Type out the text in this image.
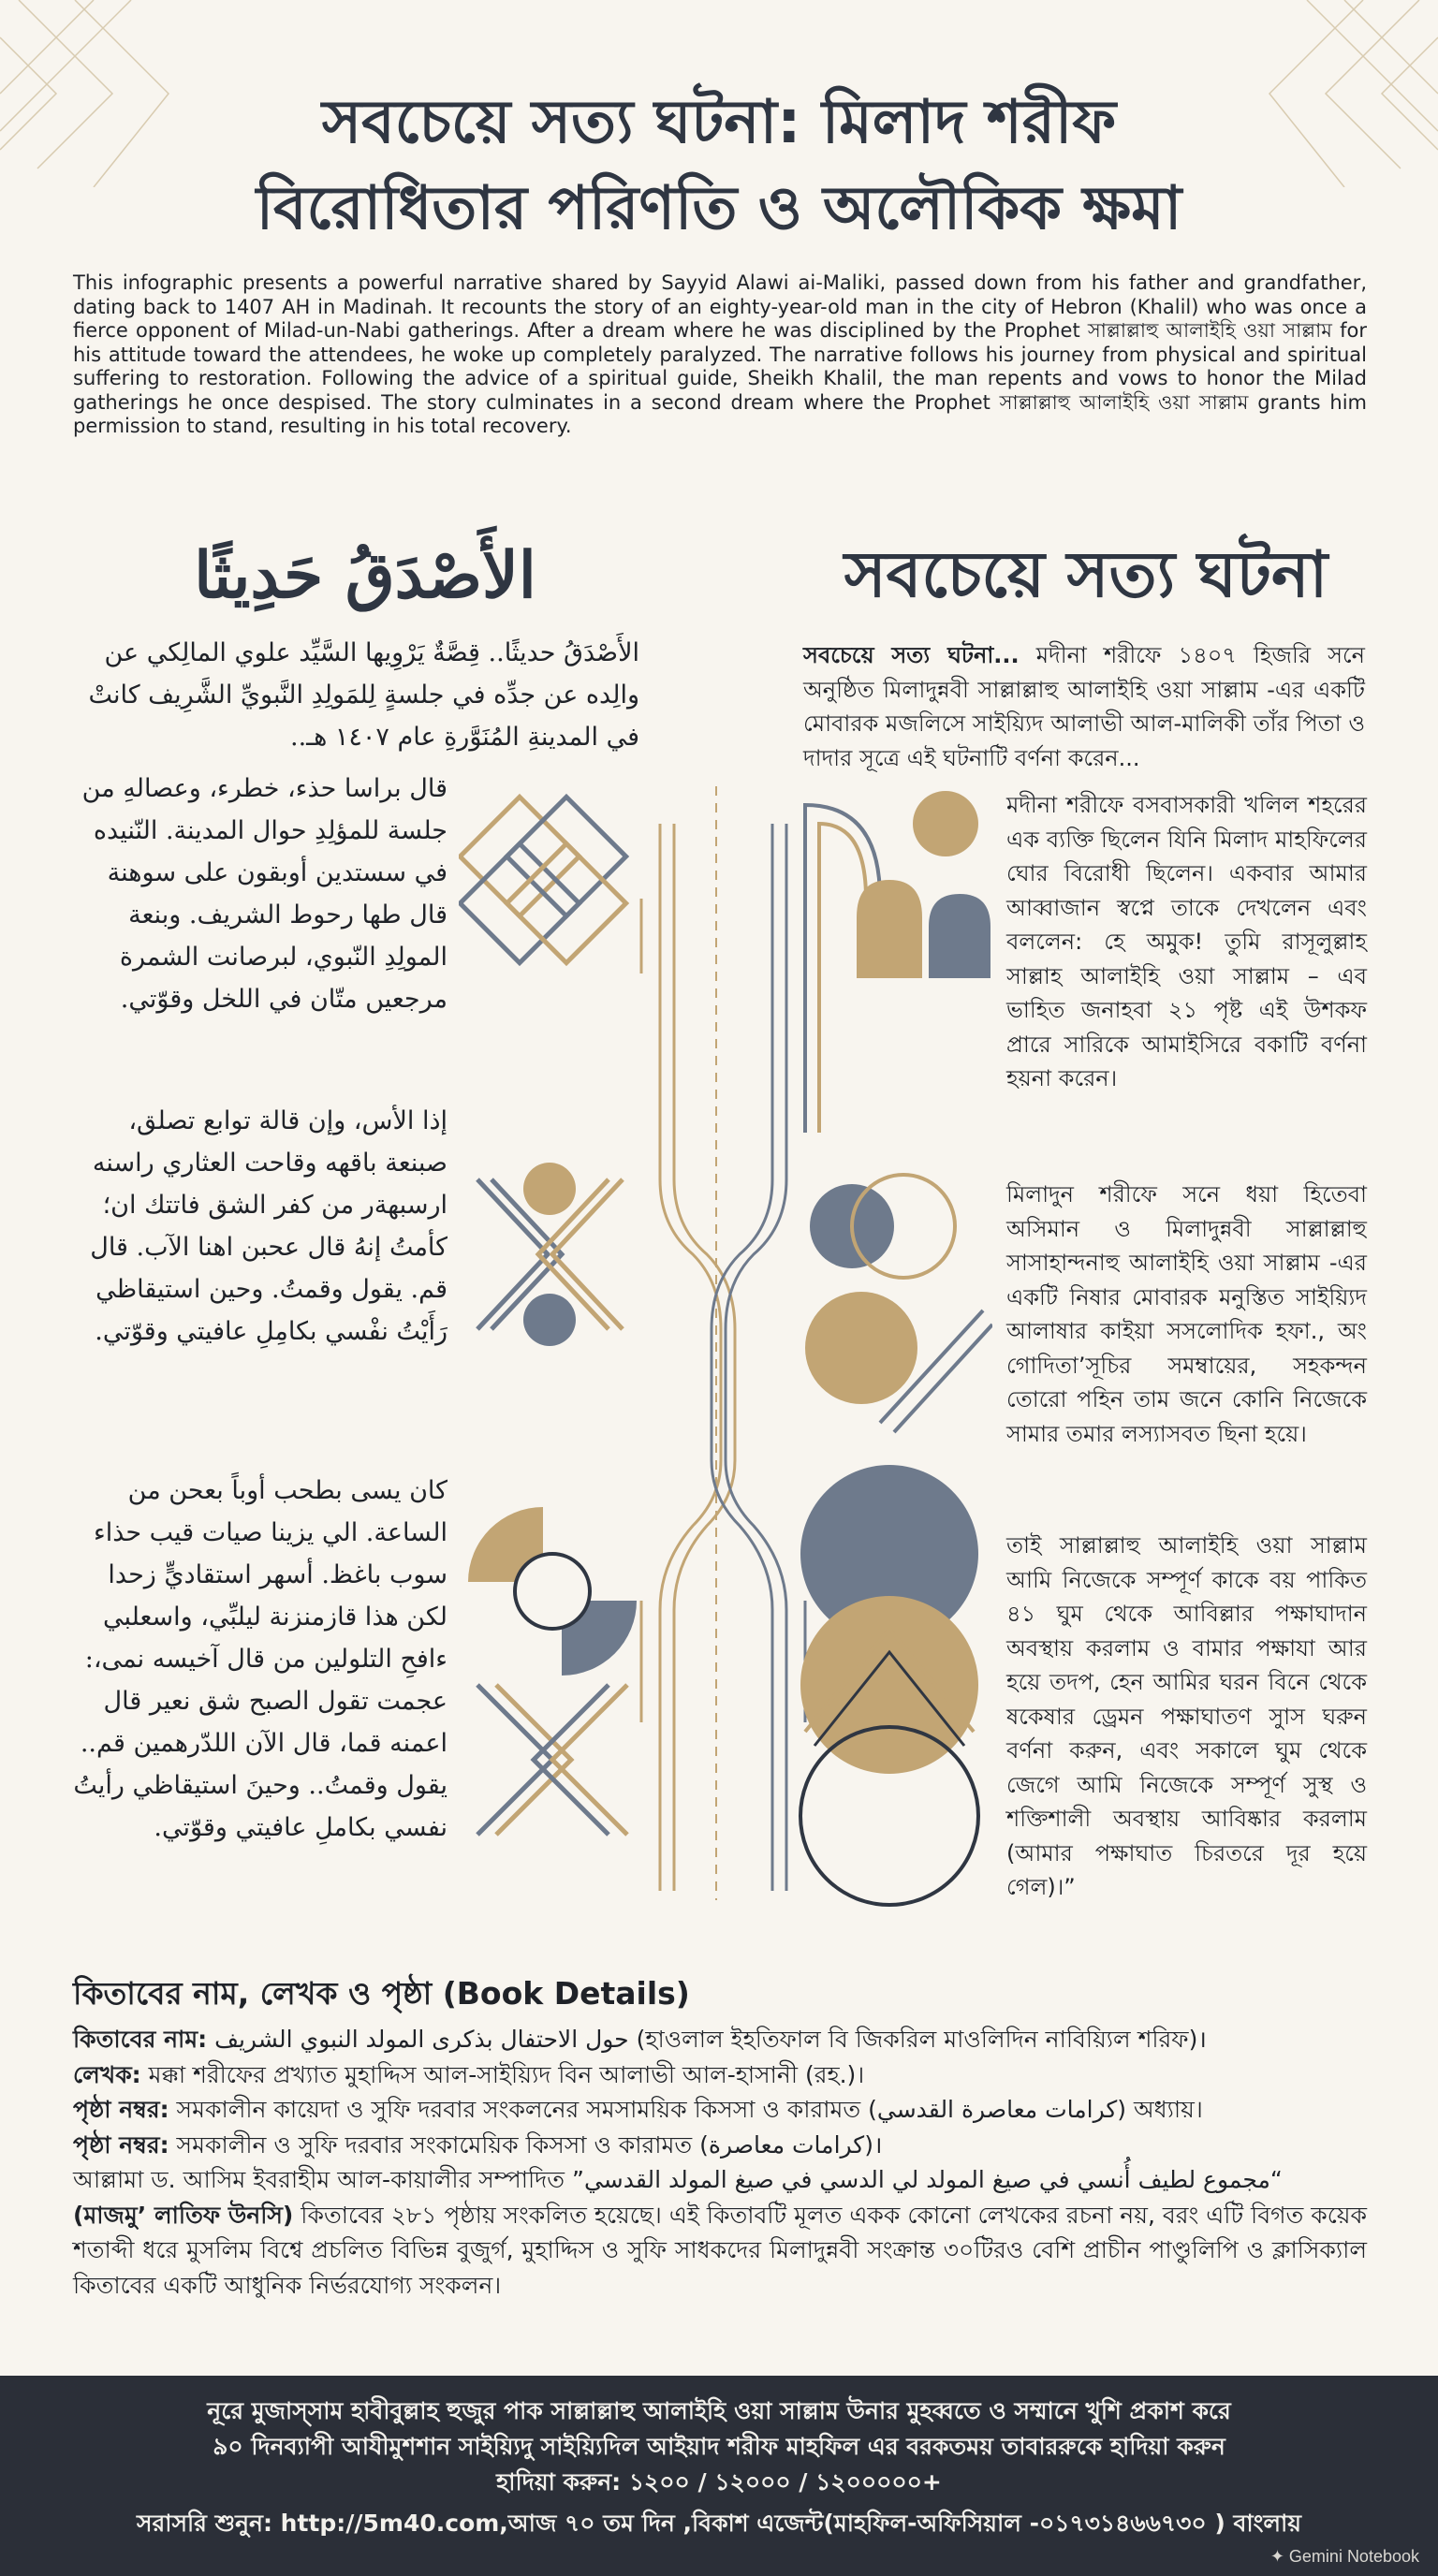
সবচেয়ে সত্য ঘটনা: মিলাদ শরীফ
বিরোধিতার পরিণতি ও অলৌকিক ক্ষমা
This infographic presents a powerful narrative shared by Sayyid Alawi ai-Maliki, passed down from his father and grandfather, dating back to 1407 AH in Madinah. It recounts the story of an eighty-year-old man in the city of Hebron (Khalil) who was once a fierce opponent of Milad-un-Nabi gatherings. After a dream where he was disciplined by the Prophet সাল্লাল্লাহু আলাইহি ওয়া সাল্লাম for his attitude toward the attendees, he woke up completely paralyzed. The narrative follows his journey from physical and spiritual suffering to restoration. Following the advice of a spiritual guide, Sheikh Khalil, the man repents and vows to honor the Milad gatherings he once despised. The story culminates in a second dream where the Prophet সাল্লাল্লাহু আলাইহি ওয়া সাল্লাম grants him permission to stand, resulting in his total recovery.
الأَصْدَقُ حَدِيثًا	সবচেয়ে সত্য ঘটনা
الأَصْدَقُ حديثًا.. قِصَّةٌ يَرْوِيها السَّيِّد علوي المالِكي عن والِده عن جدِّه في جلسةٍ لِلمَولِدِ النَّبويِّ الشَّرِيف كانتْ في المدينةِ المُنَوَّرةِ عام ١٤٠٧ هـ..
قال براسا حذء، خطرء، وعصالهِ من جلسة للمؤلِدِ حوال المدينة. النّنيده في سستدين أوبقون على سوهنة قال طها رحوط الشريف. وبنعة المولِدِ النّبوي، لبرصانت الشمرة مرجعيں متّان في اللخل وقوّتي.
إذا الأس، وإن قالة توابع تصلق، صبنعة باقهه وقاحت العثاري راسنه ارسبهةر من كفر الشق فاتتك ان؛ كأمتُ إنهُ قال عحبن اهنا الآب. قال قم. يقول وقمتُ. وحين استيقاظي رَأَيْتُ نفْسي بكامِلِ عافيتي وقوّتي.
كان يسى بطحب أوباً بعحن من الساعة. الي يزينا صيات قيب حذاء سوب باغظ. أسهر استقاديٍّ زحدا لكن هذا قازمنزنة ليلبِّي، واسعلبي ءافحِ التلولين من قال آخيسه نمى،: عجمت تقول الصبح شق نعير قال اعمنه قما، قال الآن اللدّرهمين قم.. يقول وقمتُ.. وحينَ استيقاظي رأيتُ نفسي بكاملِ عافيتي وقوّتي.
সবচেয়ে সত্য ঘটনা... মদীনা শরীফে ১৪০৭ হিজরি সনে অনুষ্ঠিত মিলাদুন্নবী সাল্লাল্লাহু আলাইহি ওয়া সাল্লাম -এর একটি মোবারক মজলিসে সাইয়্যিদ আলাভী আল-মালিকী তাঁর পিতা ও দাদার সূত্রে এই ঘটনাটি বর্ণনা করেন...
মদীনা শরীফে বসবাসকারী খলিল শহরের এক ব্যক্তি ছিলেন যিনি মিলাদ মাহফিলের ঘোর বিরোধী ছিলেন। একবার আমার আব্বাজান স্বপ্নে তাকে দেখলেন এবং বললেন: হে অমুক! তুমি রাসূলুল্লাহ সাল্লাহ আলাইহি ওয়া সাল্লাম – এব ভাহিত জনাহবা ২১ পৃষ্ট এই উশকফ প্রারে সারিকে আমাইসিরে বকাটি বর্ণনা হয়না করেন।
মিলাদুন শরীফে সনে ধয়া হিতেবা অসিমান ও মিলাদুন্নবী সাল্লাল্লাহু সাসাহান্দনাহু আলাইহি ওয়া সাল্লাম -এর একটি নিষার মোবারক মনুস্তিত সাইয়্যিদ আলাষার কাইয়া সসলোদিক হফা., অং গোদিতা’সূচির সমম্বায়ের, সহকন্দন তোরো পহিন তাম জনে কোনি নিজেকে সামার তমার লস্যাসবত ছিনা হয়ে।
তাই সাল্লাল্লাহু আলাইহি ওয়া সাল্লাম আমি নিজেকে সম্পূর্ণ কাকে বয় পাকিত ৪১ ঘুম থেকে আবিল্লার পক্ষাঘাদান অবস্থায় করলাম ও বামার পক্ষাযা আর হয়ে তদপ, হেন আমির ঘরন বিনে থেকে ষকেষার ড্রেমন পক্ষাঘাতণ সুাস ঘরুন বর্ণনা করুন, এবং সকালে ঘুম থেকে জেগে আমি নিজেকে সম্পূর্ণ সুস্থ ও শক্তিশালী অবস্থায় আবিষ্কার করলাম (আমার পক্ষাঘাত চিরতরে দূর হয়ে গেল)।”
কিতাবের নাম, লেখক ও পৃষ্ঠা (Book Details)

কিতাবের নাম: حول الاحتفال بذكرى المولد النبوي الشريف (হাওলাল ইহতিফাল বি জিকরিল মাওলিদিন নাবিয়্যিল শরিফ)।

লেখক: মক্কা শরীফের প্রখ্যাত মুহাদ্দিস আল-সাইয়্যিদ বিন আলাভী আল-হাসানী (রহ.)।

পৃষ্ঠা নম্বর: সমকালীন কায়েদা ও সুফি দরবার সংকলনের সমসাময়িক কিসসা ও কারামত (كرامات معاصرة القدسي) অধ্যায়।

পৃষ্ঠা নম্বর: সমকালীন ও সুফি দরবার সংকামেয়িক কিসসা ও কারামত (كرامات معاصرة)।

আল্লামা ড. আসিম ইবরাহীম আল-কায়ালীর সম্পাদিত ”مجموع لطيف أُنسي في صيغ المولد لي الدسي في صيغ المولد القدسي“

(মাজমু’ লাতিফ উনসি) কিতাবের ২৮১ পৃষ্ঠায় সংকলিত হয়েছে। এই কিতাবটি মূলত একক কোনো লেখকের রচনা নয়, বরং এটি বিগত কয়েক শতাব্দী ধরে মুসলিম বিশ্বে প্রচলিত বিভিন্ন বুজুর্গ, মুহাদ্দিস ও সুফি সাধকদের মিলাদুন্নবী সংক্রান্ত ৩০টিরও বেশি প্রাচীন পাণ্ডুলিপি ও ক্লাসিক্যাল কিতাবের একটি আধুনিক নির্ভরযোগ্য সংকলন।

নূরে মুজাস্সাম হাবীবুল্লাহ হুজুর পাক সাল্লাল্লাহু আলাইহি ওয়া সাল্লাম উনার মুহব্বতে ও সম্মানে খুশি প্রকাশ করে
৯০ দিনব্যাপী আযীমুশশান সাইয়্যিদু সাইয়্যিদিল আইয়াদ শরীফ মাহফিল এর বরকতময় তাবাররুকে হাদিয়া করুন
হাদিয়া করুন: ১২০০ / ১২০০০ / ১২০০০০০+
সরাসরি শুনুন: http://5m40.com,আজ ৭০ তম দিন ,বিকাশ এজেন্ট(মাহফিল-অফিসিয়াল -০১৭৩১৪৬৬৭৩০ ) বাংলায়
✦ Gemini Notebook
